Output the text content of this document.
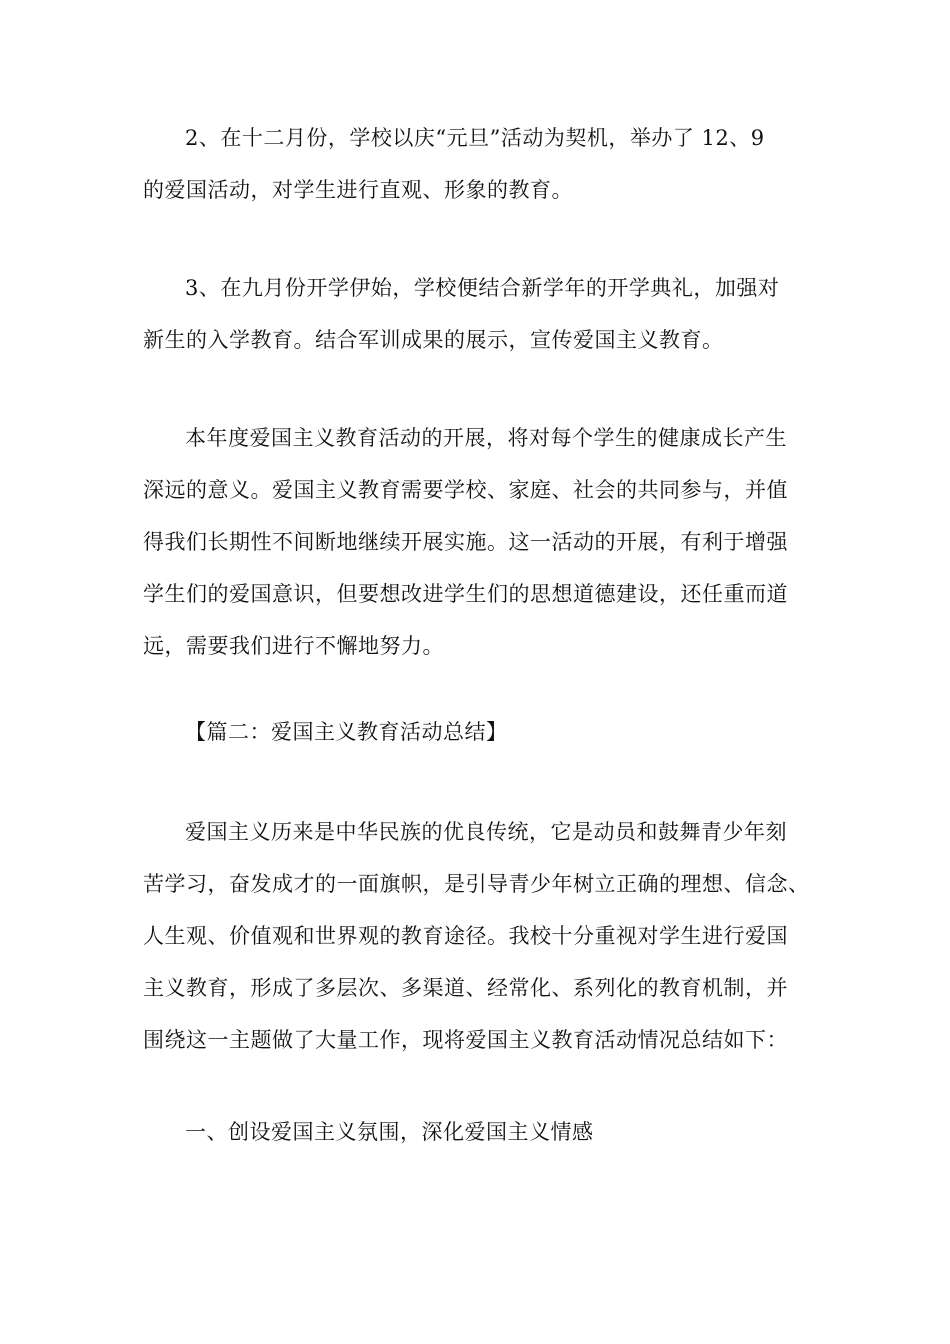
2、在十二月份，学校以庆“元旦”活动为契机，举办了 12、9
的爱国活动，对学生进行直观、形象的教育。

3、在九月份开学伊始，学校便结合新学年的开学典礼，加强对
新生的入学教育。结合军训成果的展示，宣传爱国主义教育。

本年度爱国主义教育活动的开展，将对每个学生的健康成长产生
深远的意义。爱国主义教育需要学校、家庭、社会的共同参与，并值
得我们长期性不间断地继续开展实施。这一活动的开展，有利于增强
学生们的爱国意识，但要想改进学生们的思想道德建设，还任重而道
远，需要我们进行不懈地努力。

【篇二：爱国主义教育活动总结】

爱国主义历来是中华民族的优良传统，它是动员和鼓舞青少年刻
苦学习，奋发成才的一面旗帜，是引导青少年树立正确的理想、信念、
人生观、价值观和世界观的教育途径。我校十分重视对学生进行爱国
主义教育，形成了多层次、多渠道、经常化、系列化的教育机制，并
围绕这一主题做了大量工作，现将爱国主义教育活动情况总结如下：

一、创设爱国主义氛围，深化爱国主义情感
